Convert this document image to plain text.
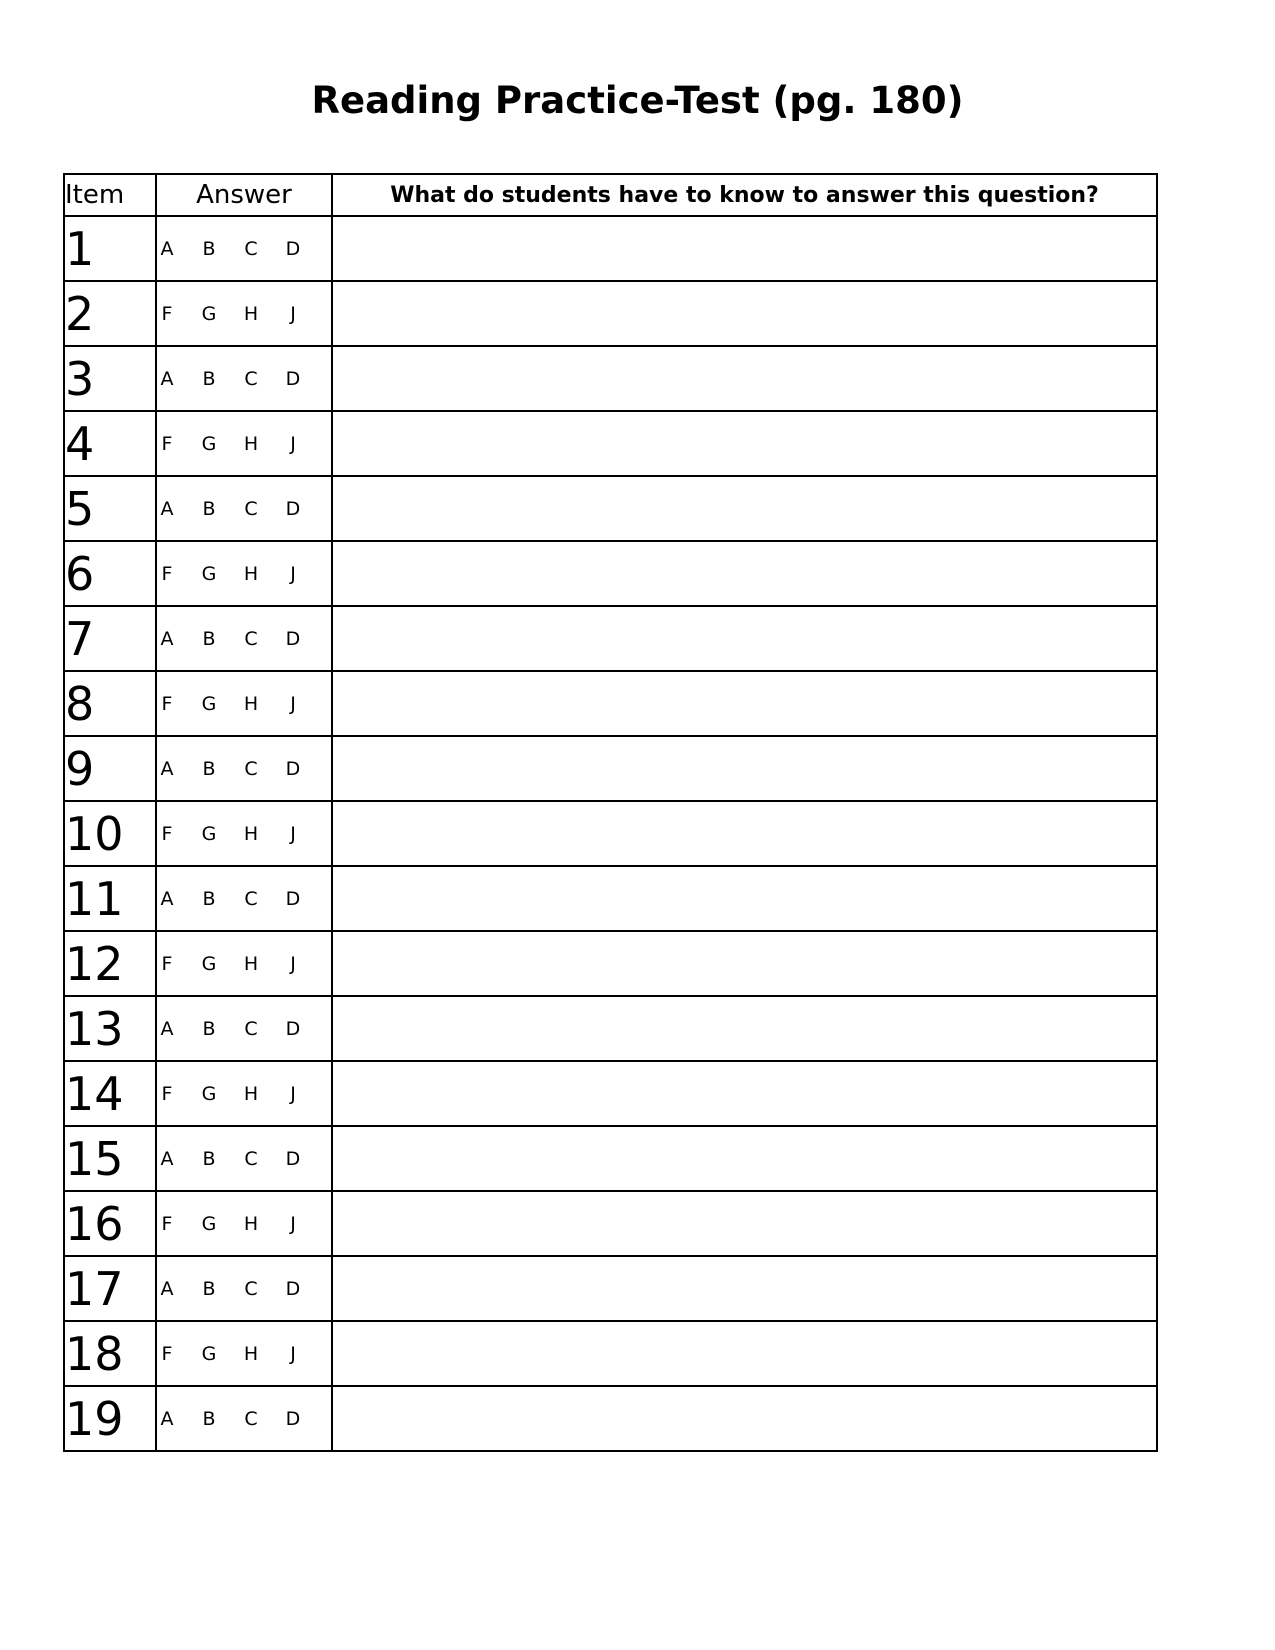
Reading Practice-Test (pg. 180)
Item	Answer	What do students have to know to answer this question?
1	A B C D	

2	F G H J	

3	A B C D	

4	F G H J	

5	A B C D	

6	F G H J	

7	A B C D	

8	F G H J	

9	A B C D	

10	F G H J	

11	A B C D	

12	F G H J	

13	A B C D	

14	F G H J	

15	A B C D	

16	F G H J	

17	A B C D	

18	F G H J	

19	A B C D	
